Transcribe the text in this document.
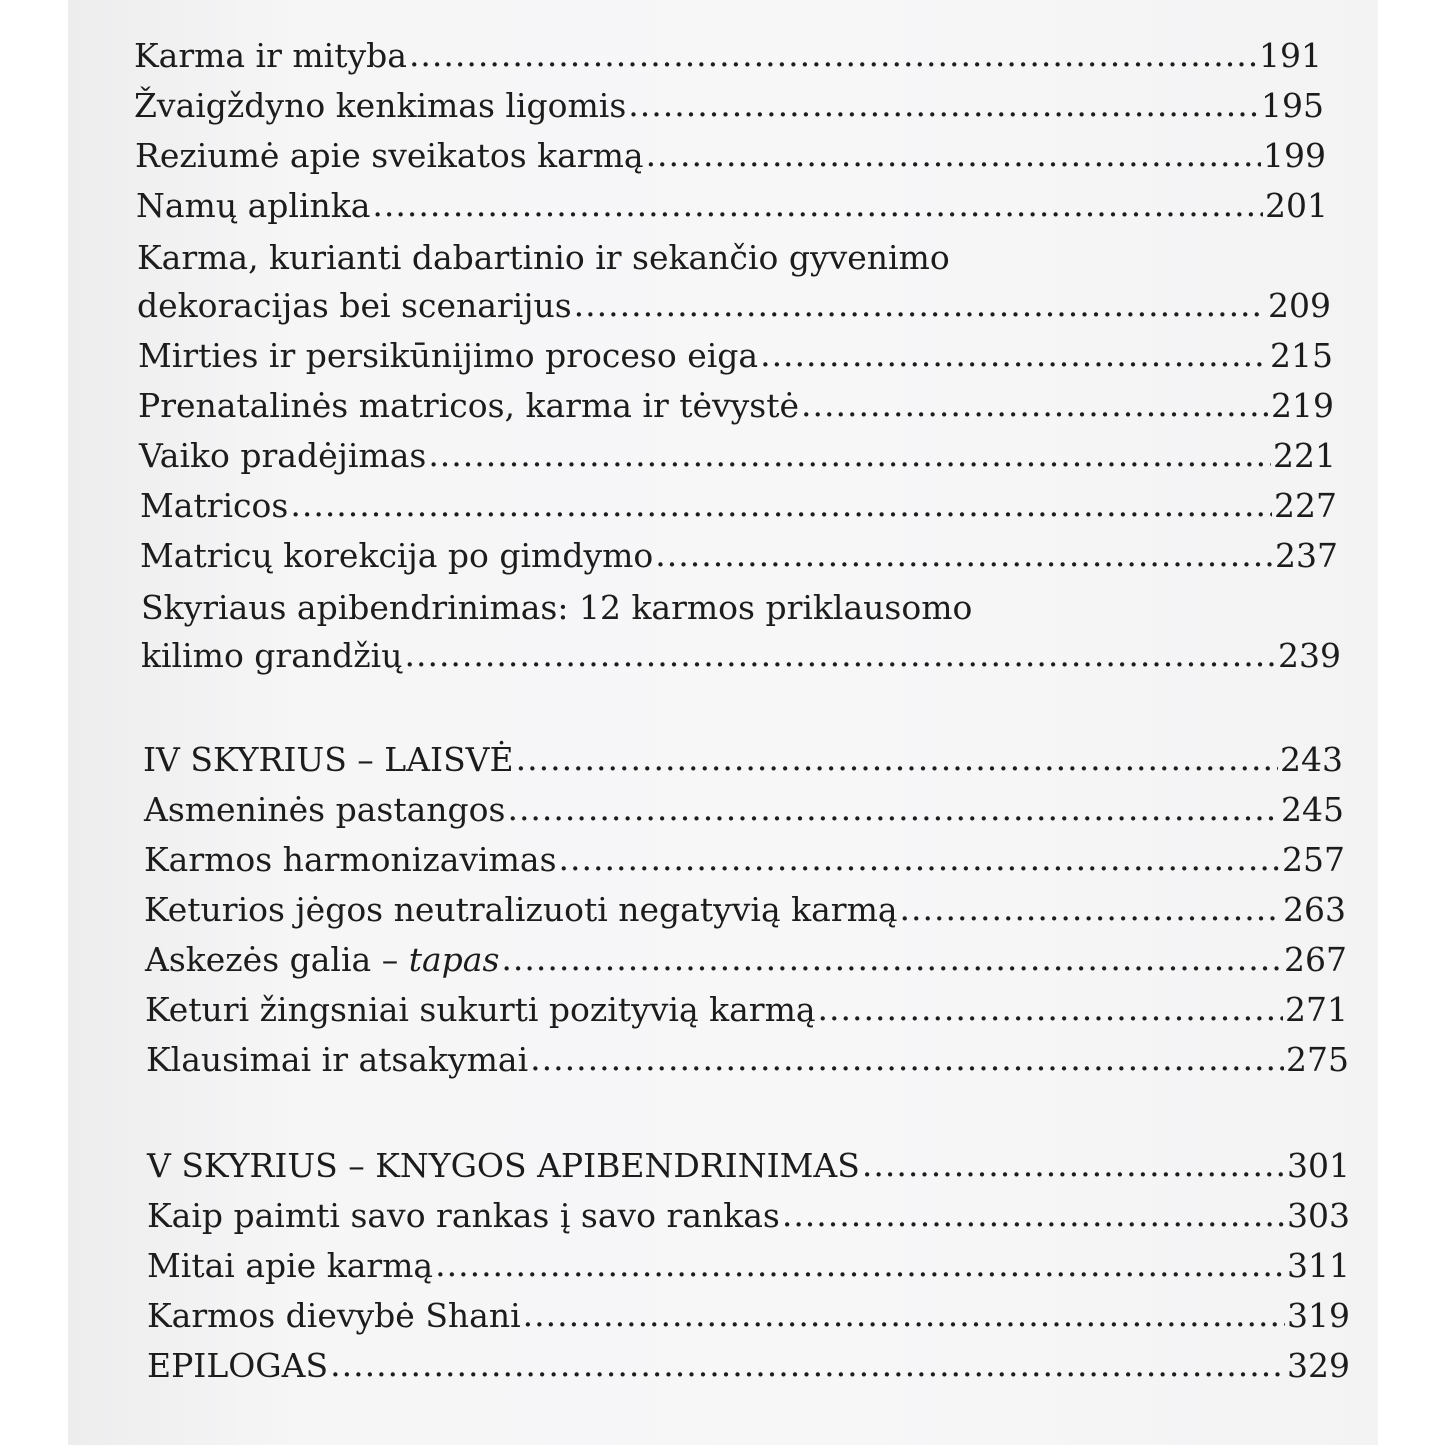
Karma ir mityba .....	191
Žvaigždyno kenkimas ligomis .....	195
Reziumė apie sveikatos karmą .....	199
Namų aplinka .....	201
Karma, kurianti dabartinio ir sekančio gyvenimo
dekoracijas bei scenarijus .....	209
Mirties ir persikūnijimo proceso eiga .....	215
Prenatalinės matricos, karma ir tėvystė .....	219
Vaiko pradėjimas .....	221
Matricos .....	227
Matricų korekcija po gimdymo .....	237
Skyriaus apibendrinimas: 12 karmos priklausomo
kilimo grandžių .....	239
IV SKYRIUS – LAISVĖ .....	243
Asmeninės pastangos .....	245
Karmos harmonizavimas .....	257
Keturios jėgos neutralizuoti negatyvią karmą .....	263
Askezės galia – tapas .....	267
Keturi žingsniai sukurti pozityvią karmą .....	271
Klausimai ir atsakymai .....	275
V SKYRIUS – KNYGOS APIBENDRINIMAS .....	301
Kaip paimti savo rankas į savo rankas .....	303
Mitai apie karmą .....	311
Karmos dievybė Shani .....	319
EPILOGAS .....	329
